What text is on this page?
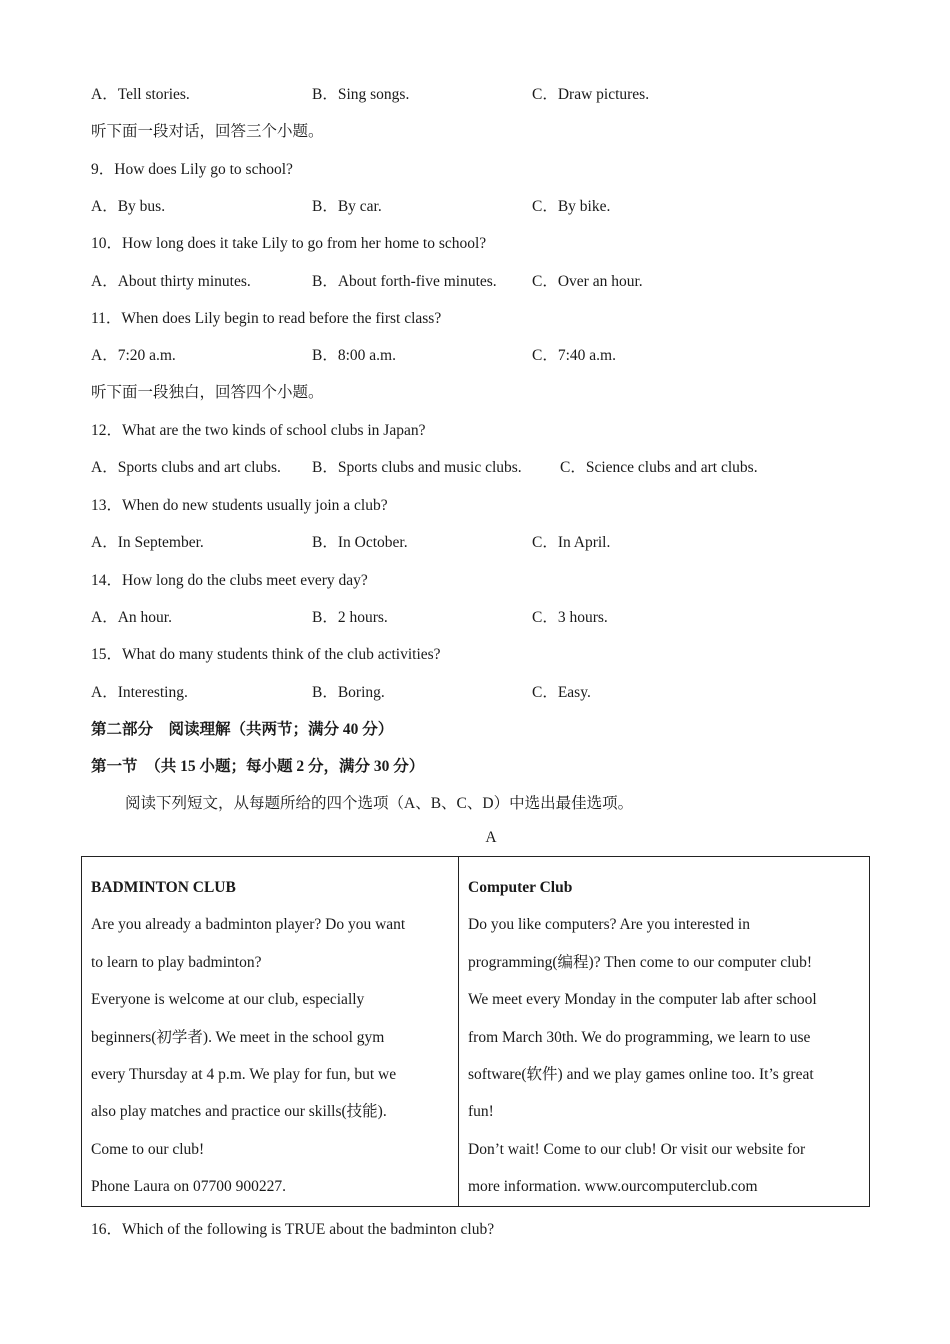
A．Tell stories.	B．Sing songs.	C．Draw pictures.
听下面一段对话，回答三个小题。
9．How does Lily go to school?
A．By bus.	B．By car.	C．By bike.
10．How long does it take Lily to go from her home to school?
A．About thirty minutes.	B．About forth-five minutes. C．Over an hour.
11．When does Lily begin to read before the first class?
A．7:20 a.m.	B．8:00 a.m.	C．7:40 a.m.
听下面一段独白，回答四个小题。
12．What are the two kinds of school clubs in Japan?
A．Sports clubs and art clubs. B．Sports clubs and music clubs. C．Science clubs and art clubs.
13．When do new students usually join a club?
A．In September.	B．In October.	C．In April.
14．How long do the clubs meet every day?
A．An hour.	B．2 hours.	C．3 hours.
15．What do many students think of the club activities?
A．Interesting.	B．Boring.	C．Easy.
第二部分　阅读理解（共两节；满分 40 分）
第一节　（共 15 小题；每小题 2 分，满分 30 分）
阅读下列短文，从每题所给的四个选项（A、B、C、D）中选出最佳选项。
A
BADMINTON CLUB
Are you already a badminton player? Do you want
to learn to play badminton?
Everyone is welcome at our club, especially
beginners(初学者). We meet in the school gym
every Thursday at 4 p.m. We play for fun, but we
also play matches and practice our skills(技能).
Come to our club!
Phone Laura on 07700 900227.

Computer Club
Do you like computers? Are you interested in
programming(编程)? Then come to our computer club!
We meet every Monday in the computer lab after school
from March 30th. We do programming, we learn to use
software(软件) and we play games online too. It’s great
fun!
Don’t wait! Come to our club! Or visit our website for
more information. www.ourcomputerclub.com
16．Which of the following is TRUE about the badminton club?
